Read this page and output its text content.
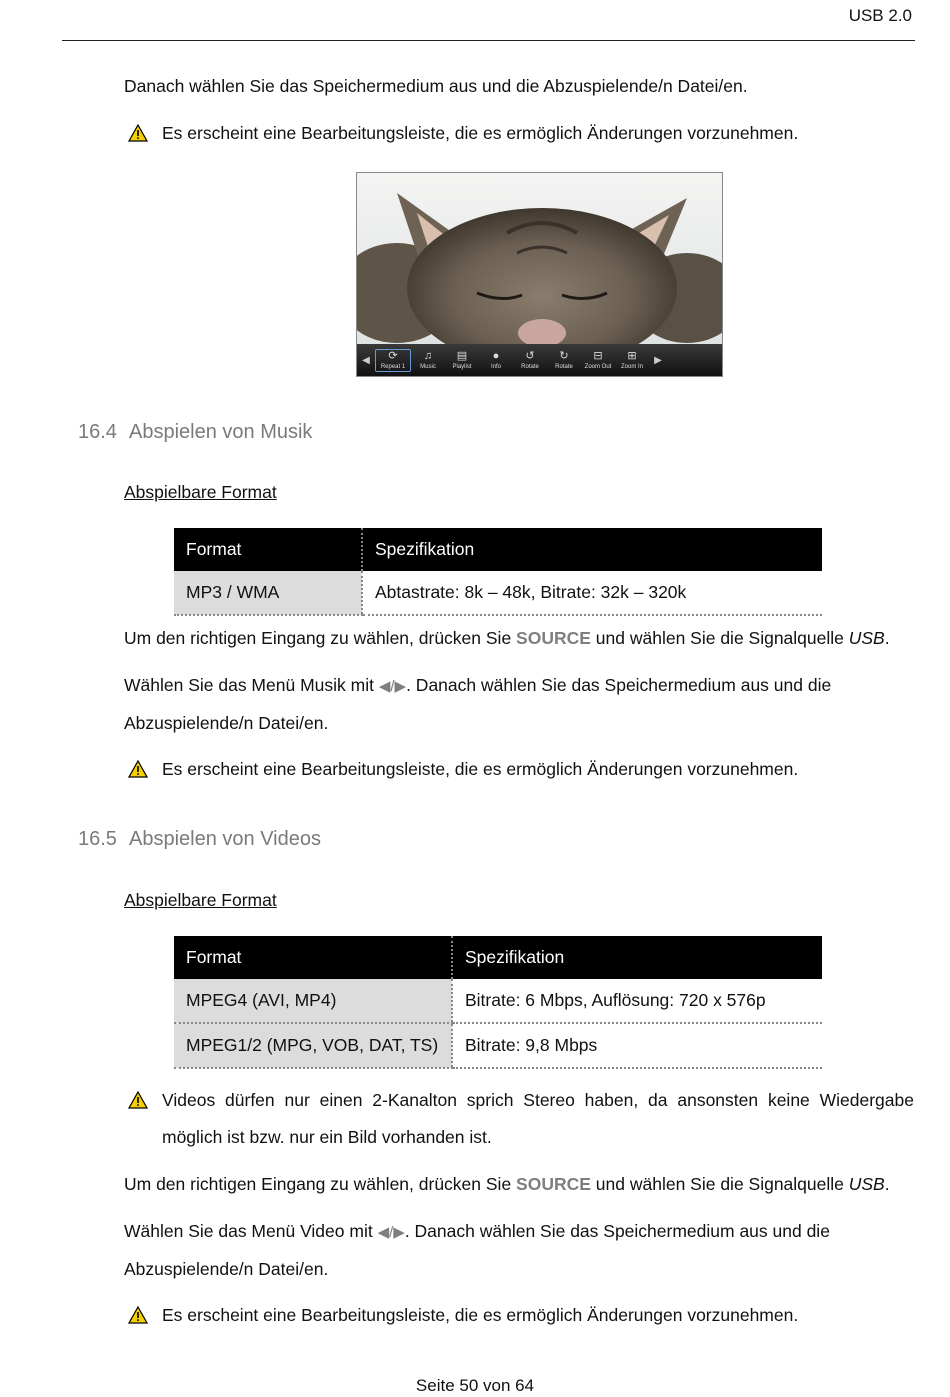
USB 2.0
Danach wählen Sie das Speichermedium aus und die Abzuspielende/n Datei/en.
Es erscheint eine Bearbeitungsleiste, die es ermöglich Änderungen vorzunehmen.
◀	⟳
Repeat 1
♫
Music
▤
Playlist
●
Info
↺
Rotate
↻
Rotate
⊟
Zoom Out
⊞
Zoom In
▶
16.4 Abspielen von Musik
Abspielbare Format
Format	Spezifikation
MP3 / WMA	Abtastrate: 8k – 48k, Bitrate: 32k – 320k
Um den richtigen Eingang zu wählen, drücken Sie SOURCE und wählen Sie die Signalquelle USB.
Wählen Sie das Menü Musik mit ◀/▶. Danach wählen Sie das Speichermedium aus und die
Abzuspielende/n Datei/en.
Es erscheint eine Bearbeitungsleiste, die es ermöglich Änderungen vorzunehmen.
16.5 Abspielen von Videos
Abspielbare Format
Format	Spezifikation
MPEG4 (AVI, MP4)	Bitrate: 6 Mbps, Auflösung: 720 x 576p
MPEG1/2 (MPG, VOB, DAT, TS)	Bitrate: 9,8 Mbps
Videos dürfen nur einen 2-Kanalton sprich Stereo haben, da ansonsten keine Wiedergabe
möglich ist bzw. nur ein Bild vorhanden ist.
Um den richtigen Eingang zu wählen, drücken Sie SOURCE und wählen Sie die Signalquelle USB.
Wählen Sie das Menü Video mit ◀/▶. Danach wählen Sie das Speichermedium aus und die
Abzuspielende/n Datei/en.
Es erscheint eine Bearbeitungsleiste, die es ermöglich Änderungen vorzunehmen.
Seite 50 von 64
